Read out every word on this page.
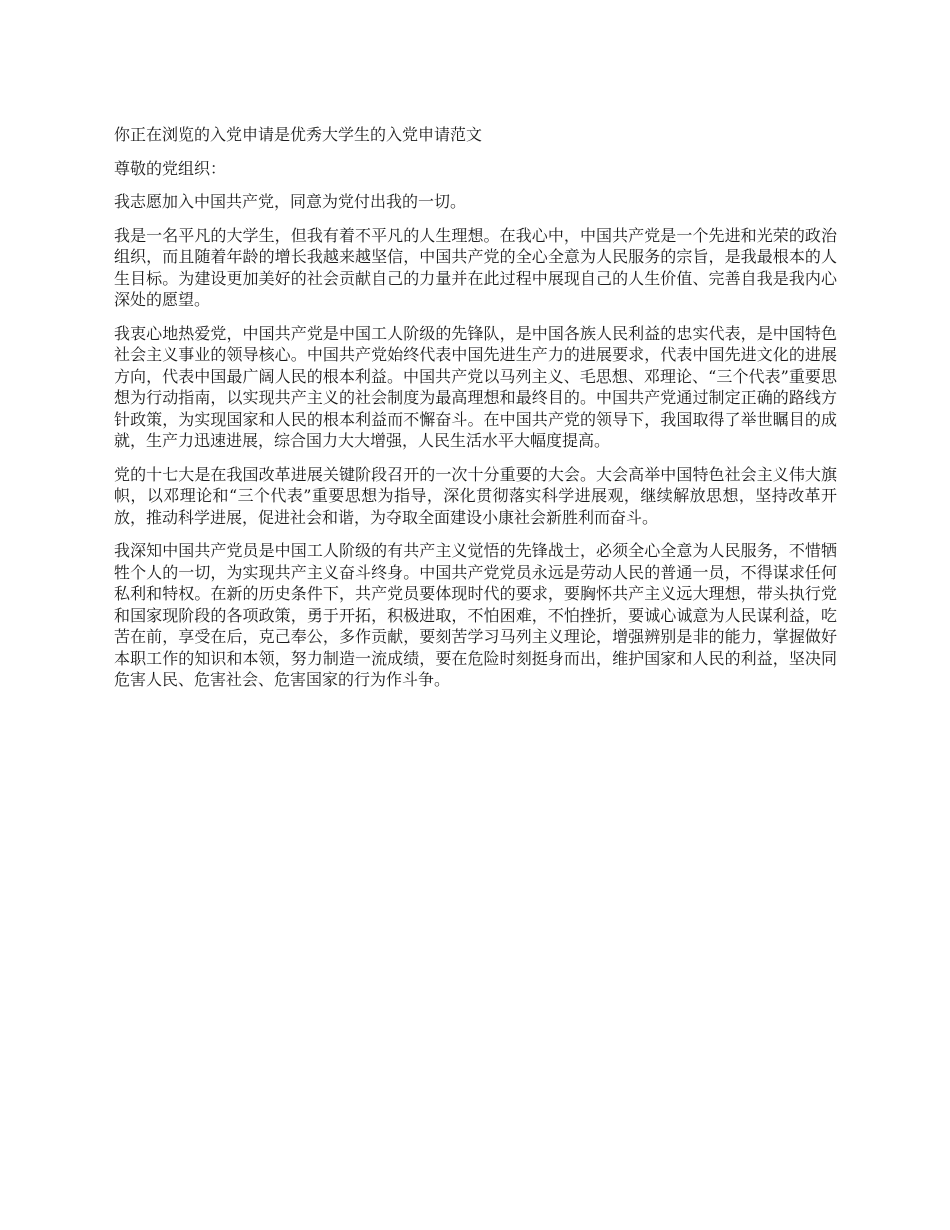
你正在浏览的入党申请是优秀大学生的入党申请范文

尊敬的党组织：

我志愿加入中国共产党，同意为党付出我的一切。

我是一名平凡的大学生，但我有着不平凡的人生理想。在我心中，中国共产党是一个先进和光荣的政治组织，而且随着年龄的增长我越来越坚信，中国共产党的全心全意为人民服务的宗旨，是我最根本的人生目标。为建设更加美好的社会贡献自己的力量并在此过程中展现自己的人生价值、完善自我是我内心深处的愿望。

我衷心地热爱党，中国共产党是中国工人阶级的先锋队，是中国各族人民利益的忠实代表，是中国特色社会主义事业的领导核心。中国共产党始终代表中国先进生产力的进展要求，代表中国先进文化的进展方向，代表中国最广阔人民的根本利益。中国共产党以马列主义、毛思想、邓理论、“三个代表”重要思想为行动指南，以实现共产主义的社会制度为最高理想和最终目的。中国共产党通过制定正确的路线方针政策，为实现国家和人民的根本利益而不懈奋斗。在中国共产党的领导下，我国取得了举世瞩目的成就，生产力迅速进展，综合国力大大增强，人民生活水平大幅度提高。

党的十七大是在我国改革进展关键阶段召开的一次十分重要的大会。大会高举中国特色社会主义伟大旗帜，以邓理论和“三个代表”重要思想为指导，深化贯彻落实科学进展观，继续解放思想，坚持改革开放，推动科学进展，促进社会和谐，为夺取全面建设小康社会新胜利而奋斗。

我深知中国共产党员是中国工人阶级的有共产主义觉悟的先锋战士，必须全心全意为人民服务，不惜牺牲个人的一切，为实现共产主义奋斗终身。中国共产党党员永远是劳动人民的普通一员，不得谋求任何私利和特权。在新的历史条件下，共产党员要体现时代的要求，要胸怀共产主义远大理想，带头执行党和国家现阶段的各项政策，勇于开拓，积极进取，不怕困难，不怕挫折，要诚心诚意为人民谋利益，吃苦在前，享受在后，克己奉公，多作贡献，要刻苦学习马列主义理论，增强辨别是非的能力，掌握做好本职工作的知识和本领，努力制造一流成绩，要在危险时刻挺身而出，维护国家和人民的利益，坚决同危害人民、危害社会、危害国家的行为作斗争。
